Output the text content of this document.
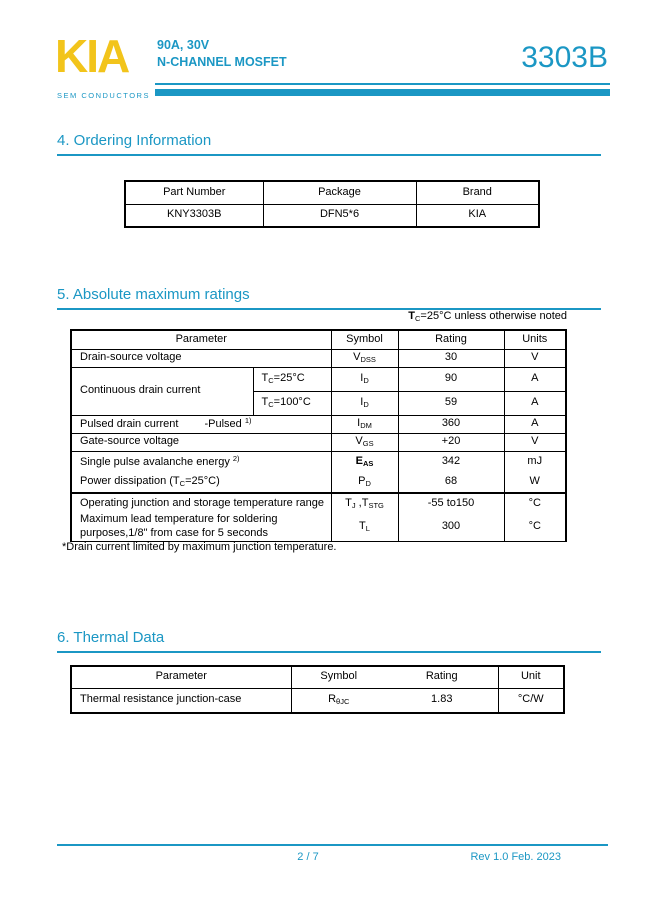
KIA
SEM CONDUCTORS
90A, 30V
N-CHANNEL MOSFET	3303B
4. Ordering Information
Part Number	Package	Brand
KNY3303B	DFN5*6	KIA
5. Absolute maximum ratings
$T_C=25^\circ C$ unless otherwise noted
Parameter		Symbol	Rating	Units
Drain-source voltage		$V_{DSS}$	30	V
Continuous drain current	$T_C=25^\circ C$	$I_D$	90	A
	$T_C=100^\circ C$	$I_D$	59	A
Pulsed drain current -Pulsed $^{1)}$		$I_{DM}$	360	A
Gate-source voltage		$V_{GS}$	+20	V
Single pulse avalanche energy $^{2)}$		$E_{AS}$	342	mJ
Power dissipation $(T_C=25^\circ C)$		$P_D$	68	W
Operating junction and storage temperature range		$T_J$ $,T_{STG}$	-55 to150	°C
Maximum lead temperature for soldering purposes,1/8" from case for 5 seconds		$T_L$	300	°C
*Drain current limited by maximum junction temperature.
6. Thermal Data
Parameter	Symbol	Rating	Unit
Thermal resistance junction-case	$R_{\theta JC}$	1.83	°C/W
2 / 7	Rev 1.0 Feb. 2023
